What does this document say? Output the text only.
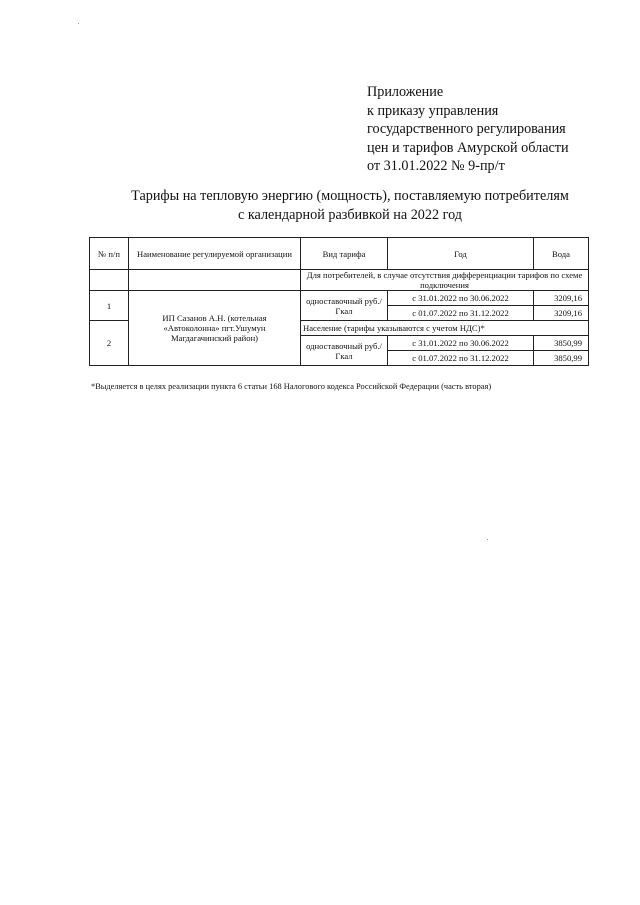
Приложение
к приказу управления
государственного регулирования
цен и тарифов Амурской области
от 31.01.2022 № 9-пр/т
Тарифы на тепловую энергию (мощность), поставляемую потребителям
с календарной разбивкой на 2022 год
№ п/п	Наименование регулируемой организации	Вид тарифа	Год	Вода
		Для потребителей, в случае отсутствия дифференциации тарифов по схеме подключения		
1	ИП Сазанов А.Н. (котельная «Автоколонна» пгт.Ушумун Магдагачинский район)	одноставочный руб./Гкал	с 31.01.2022 по 30.06.2022	3209,16
			с 01.07.2022 по 31.12.2022	3209,16
2		Население (тарифы указываются с учетом НДС)*		
		одноставочный руб./Гкал	с 31.01.2022 по 30.06.2022	3850,99
			с 01.07.2022 по 31.12.2022	3850,99
*Выделяется в целях реализации пункта 6 статьи 168 Налогового кодекса Российской Федерации (часть вторая)
